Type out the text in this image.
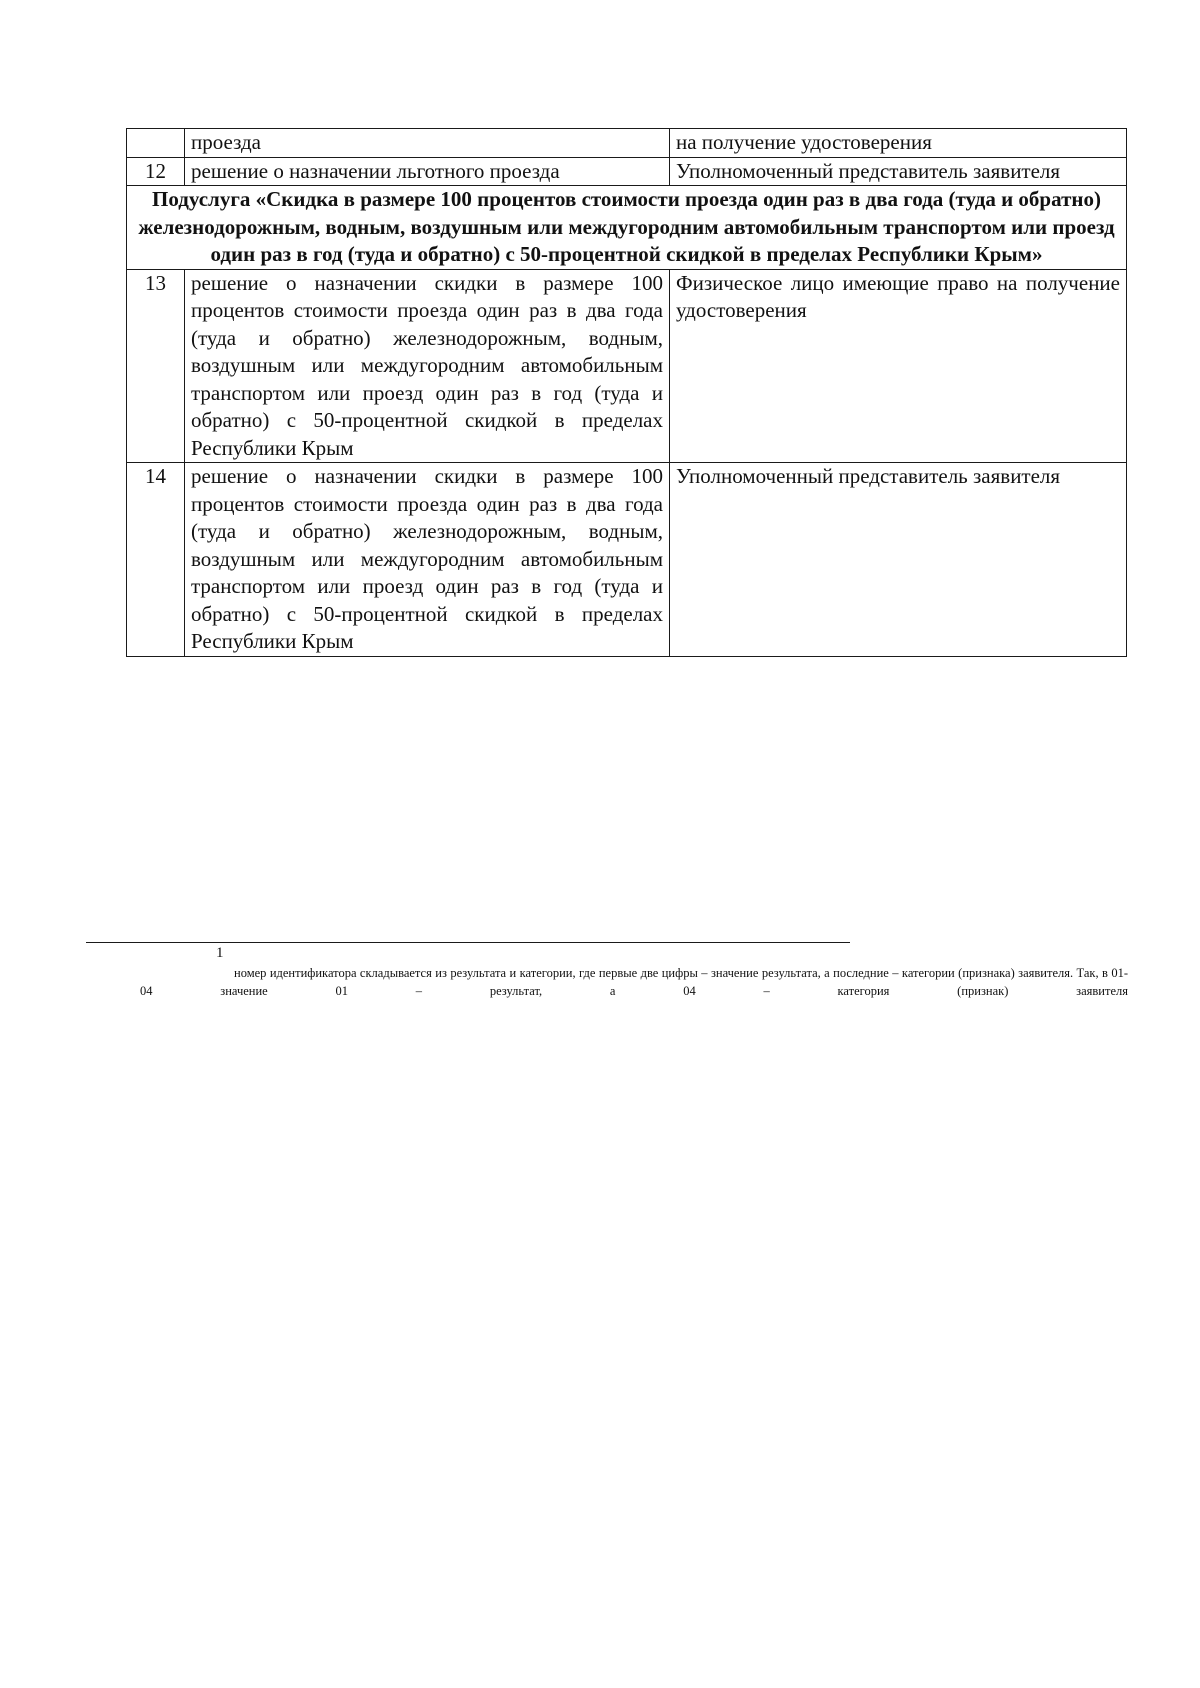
	проезда	на получение удостоверения
12	решение о назначении льготного проезда	Уполномоченный представитель заявителя

Подуслуга «Скидка в размере 100 процентов стоимости проезда один раз в два года (туда и обратно) железнодорожным, водным, воздушным или междугородним автомобильным транспортом или проезд один раз в год (туда и обратно) с 50-процентной скидкой в пределах Республики Крым»		

13	решение о назначении скидки в размере 100 процентов стоимости проезда один раз в два года (туда и обратно) железнодорожным, водным, воздушным или междугородним автомобильным транспортом или проезд один раз в год (туда и обратно) с 50-процентной скидкой в пределах Республики Крым	Физическое лицо имеющие право на получение удостоверения
14	решение о назначении скидки в размере 100 процентов стоимости проезда один раз в два года (туда и обратно) железнодорожным, водным, воздушным или междугородним автомобильным транспортом или проезд один раз в год (туда и обратно) с 50-процентной скидкой в пределах Республики Крым	Уполномоченный представитель заявителя
1
номер идентификатора складывается из результата и категории, где первые две цифры – значение результата, а последние – категории (признака) заявителя. Так, в 01-04 значение 01 – результат, а 04 – категория (признак) заявителя
